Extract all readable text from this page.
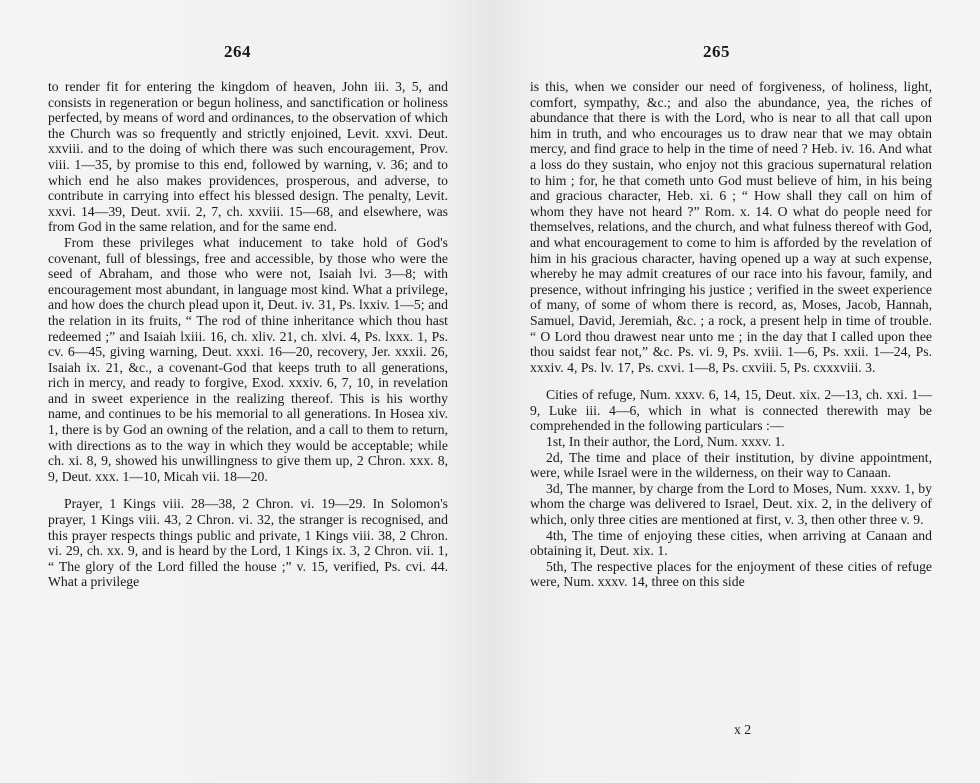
264

to render fit for entering the kingdom of heaven, John iii. 3, 5, and consists in regeneration or begun holiness, and sanctification or holiness perfected, by means of word and ordinances, to the observation of which the Church was so frequently and strictly enjoined, Levit. xxvi. Deut. xxviii. and to the doing of which there was such encouragement, Prov. viii. 1—35, by promise to this end, followed by warning, v. 36; and to which end he also makes providences, prosperous, and adverse, to contribute in carrying into effect his blessed design. The penalty, Levit. xxvi. 14—39, Deut. xvii. 2, 7, ch. xxviii. 15—68, and elsewhere, was from God in the same relation, and for the same end.

From these privileges what inducement to take hold of God's covenant, full of blessings, free and accessible, by those who were the seed of Abraham, and those who were not, Isaiah lvi. 3—8; with encouragement most abundant, in language most kind. What a privilege, and how does the church plead upon it, Deut. iv. 31, Ps. lxxiv. 1—5; and the relation in its fruits, “ The rod of thine inheritance which thou hast redeemed ;” and Isaiah lxiii. 16, ch. xliv. 21, ch. xlvi. 4, Ps. lxxx. 1, Ps. cv. 6—45, giving warning, Deut. xxxi. 16—20, recovery, Jer. xxxii. 26, Isaiah ix. 21, &c., a covenant-God that keeps truth to all generations, rich in mercy, and ready to forgive, Exod. xxxiv. 6, 7, 10, in revelation and in sweet experience in the realizing thereof. This is his worthy name, and continues to be his memorial to all generations. In Hosea xiv. 1, there is by God an owning of the relation, and a call to them to return, with directions as to the way in which they would be acceptable; while ch. xi. 8, 9, showed his unwillingness to give them up, 2 Chron. xxx. 8, 9, Deut. xxx. 1—10, Micah vii. 18—20.

Prayer, 1 Kings viii. 28—38, 2 Chron. vi. 19—29. In Solomon's prayer, 1 Kings viii. 43, 2 Chron. vi. 32, the stranger is recognised, and this prayer respects things public and private, 1 Kings viii. 38, 2 Chron. vi. 29, ch. xx. 9, and is heard by the Lord, 1 Kings ix. 3, 2 Chron. vii. 1, “ The glory of the Lord filled the house ;” v. 15, verified, Ps. cvi. 44. What a privilege

265

is this, when we consider our need of forgiveness, of holiness, light, comfort, sympathy, &c.; and also the abundance, yea, the riches of abundance that there is with the Lord, who is near to all that call upon him in truth, and who encourages us to draw near that we may obtain mercy, and find grace to help in the time of need ? Heb. iv. 16. And what a loss do they sustain, who enjoy not this gracious supernatural relation to him ; for, he that cometh unto God must believe of him, in his being and gracious character, Heb. xi. 6 ; “ How shall they call on him of whom they have not heard ?” Rom. x. 14. O what do people need for themselves, relations, and the church, and what fulness thereof with God, and what encouragement to come to him is afforded by the revelation of him in his gracious character, having opened up a way at such expense, whereby he may admit creatures of our race into his favour, family, and presence, without infringing his justice ; verified in the sweet experience of many, of some of whom there is record, as, Moses, Jacob, Hannah, Samuel, David, Jeremiah, &c. ; a rock, a present help in time of trouble. “ O Lord thou drawest near unto me ; in the day that I called upon thee thou saidst fear not,” &c. Ps. vi. 9, Ps. xviii. 1—6, Ps. xxii. 1—24, Ps. xxxiv. 4, Ps. lv. 17, Ps. cxvi. 1—8, Ps. cxviii. 5, Ps. cxxxviii. 3.

Cities of refuge, Num. xxxv. 6, 14, 15, Deut. xix. 2—13, ch. xxi. 1—9, Luke iii. 4—6, which in what is connected therewith may be comprehended in the following particulars :—

1st, In their author, the Lord, Num. xxxv. 1.

2d, The time and place of their institution, by divine appointment, were, while Israel were in the wilderness, on their way to Canaan.

3d, The manner, by charge from the Lord to Moses, Num. xxxv. 1, by whom the charge was delivered to Israel, Deut. xix. 2, in the delivery of which, only three cities are mentioned at first, v. 3, then other three v. 9.

4th, The time of enjoying these cities, when arriving at Canaan and obtaining it, Deut. xix. 1.

5th, The respective places for the enjoyment of these cities of refuge were, Num. xxxv. 14, three on this side

x 2
